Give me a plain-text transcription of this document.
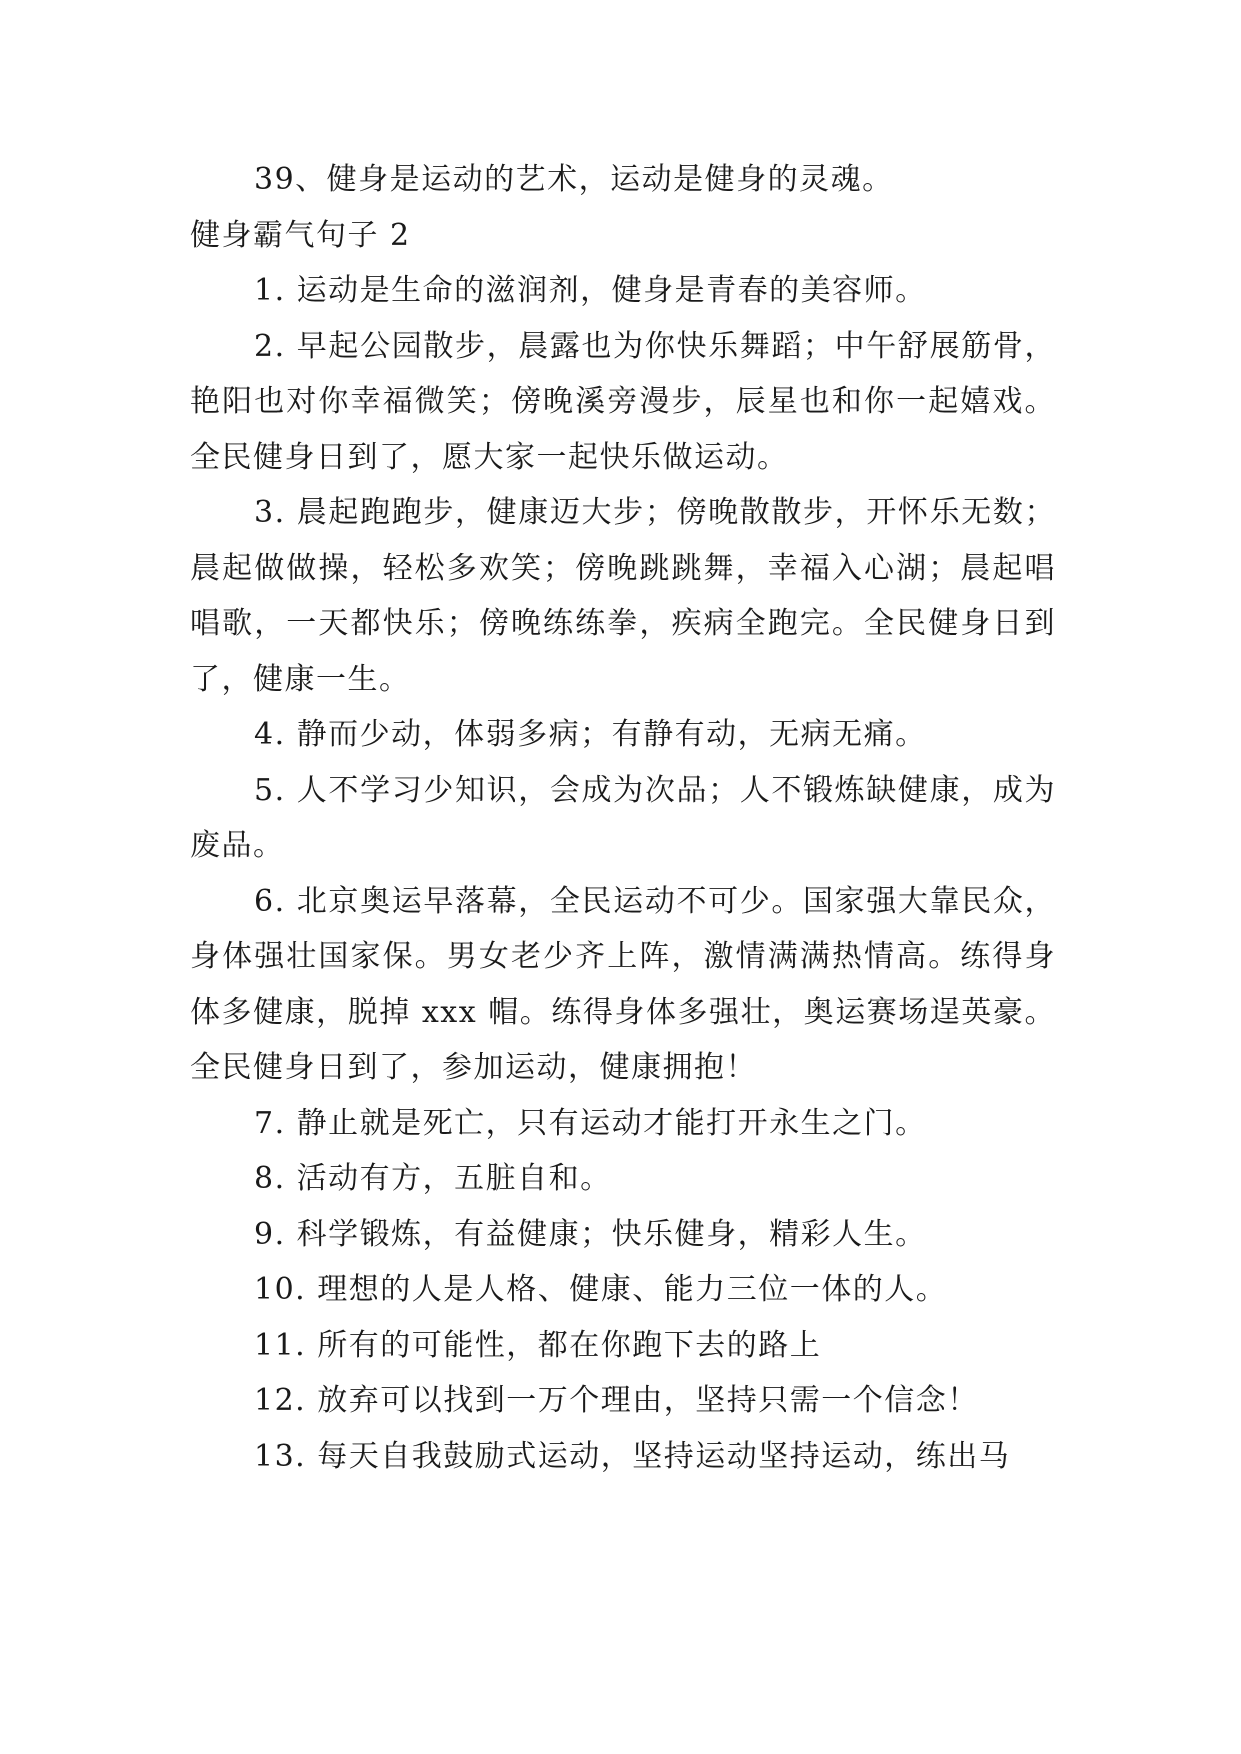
39、健身是运动的艺术，运动是健身的灵魂。

健身霸气句子 2

1. 运动是生命的滋润剂，健身是青春的美容师。

2. 早起公园散步，晨露也为你快乐舞蹈；中午舒展筋骨，艳阳也对你幸福微笑；傍晚溪旁漫步，辰星也和你一起嬉戏。全民健身日到了，愿大家一起快乐做运动。

3. 晨起跑跑步，健康迈大步；傍晚散散步，开怀乐无数；晨起做做操，轻松多欢笑；傍晚跳跳舞，幸福入心湖；晨起唱唱歌，一天都快乐；傍晚练练拳，疾病全跑完。全民健身日到了，健康一生。

4. 静而少动，体弱多病；有静有动，无病无痛。

5. 人不学习少知识，会成为次品；人不锻炼缺健康，成为废品。

6. 北京奥运早落幕，全民运动不可少。国家强大靠民众，身体强壮国家保。男女老少齐上阵，激情满满热情高。练得身体多健康，脱掉 xxx 帽。练得身体多强壮，奥运赛场逞英豪。全民健身日到了，参加运动，健康拥抱！

7. 静止就是死亡，只有运动才能打开永生之门。

8. 活动有方，五脏自和。

9. 科学锻炼，有益健康；快乐健身，精彩人生。

10. 理想的人是人格、健康、能力三位一体的人。

11. 所有的可能性，都在你跑下去的路上

12. 放弃可以找到一万个理由，坚持只需一个信念！

13. 每天自我鼓励式运动，坚持运动坚持运动，练出马
